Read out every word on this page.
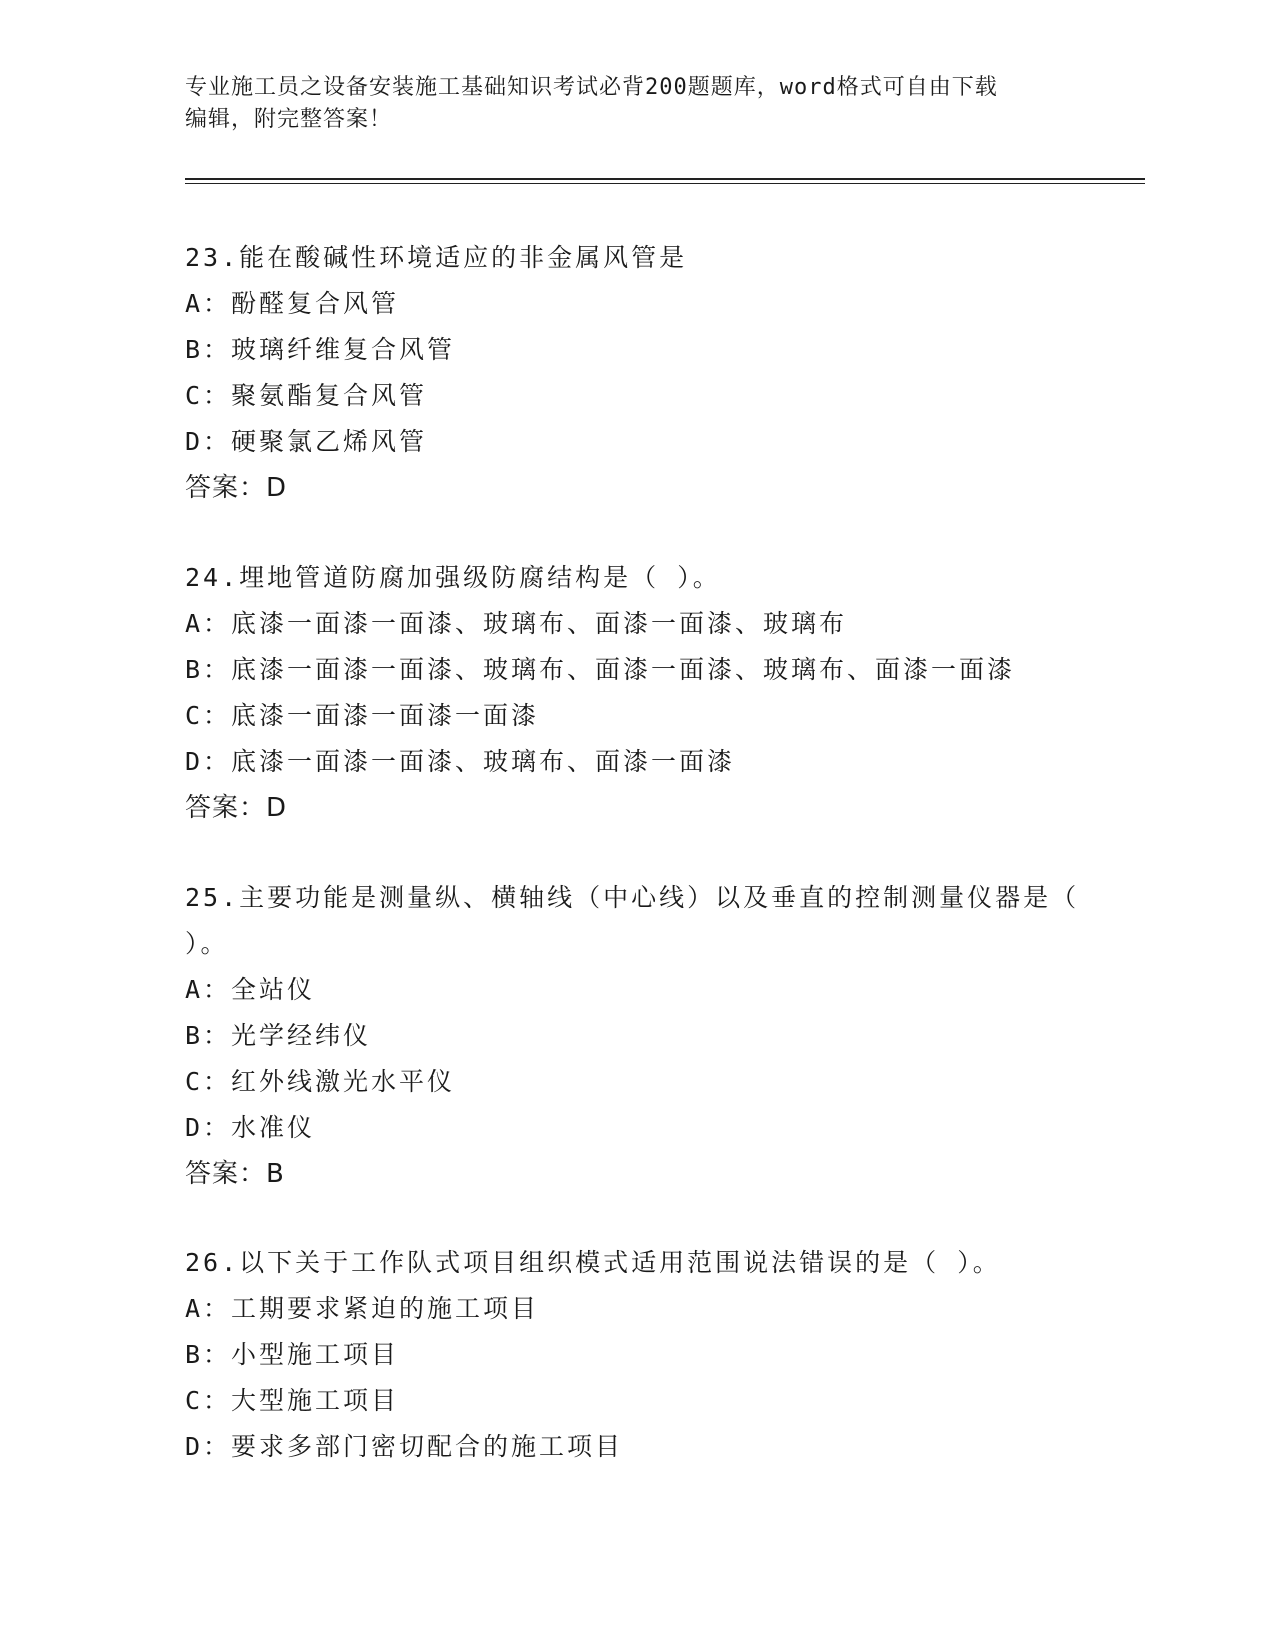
专业施工员之设备安装施工基础知识考试必背200题题库，word格式可自由下载
编辑，附完整答案！
23.能在酸碱性环境适应的非金属风管是
A：酚醛复合风管
B：玻璃纤维复合风管
C：聚氨酯复合风管
D：硬聚氯乙烯风管
答案：D
24.埋地管道防腐加强级防腐结构是（ ）。
A：底漆一面漆一面漆、玻璃布、面漆一面漆、玻璃布
B：底漆一面漆一面漆、玻璃布、面漆一面漆、玻璃布、面漆一面漆
C：底漆一面漆一面漆一面漆
D：底漆一面漆一面漆、玻璃布、面漆一面漆
答案：D
25.主要功能是测量纵、横轴线（中心线）以及垂直的控制测量仪器是（ ）。
A：全站仪
B：光学经纬仪
C：红外线激光水平仪
D：水准仪
答案：B
26.以下关于工作队式项目组织模式适用范围说法错误的是（ ）。
A：工期要求紧迫的施工项目
B：小型施工项目
C：大型施工项目
D：要求多部门密切配合的施工项目
